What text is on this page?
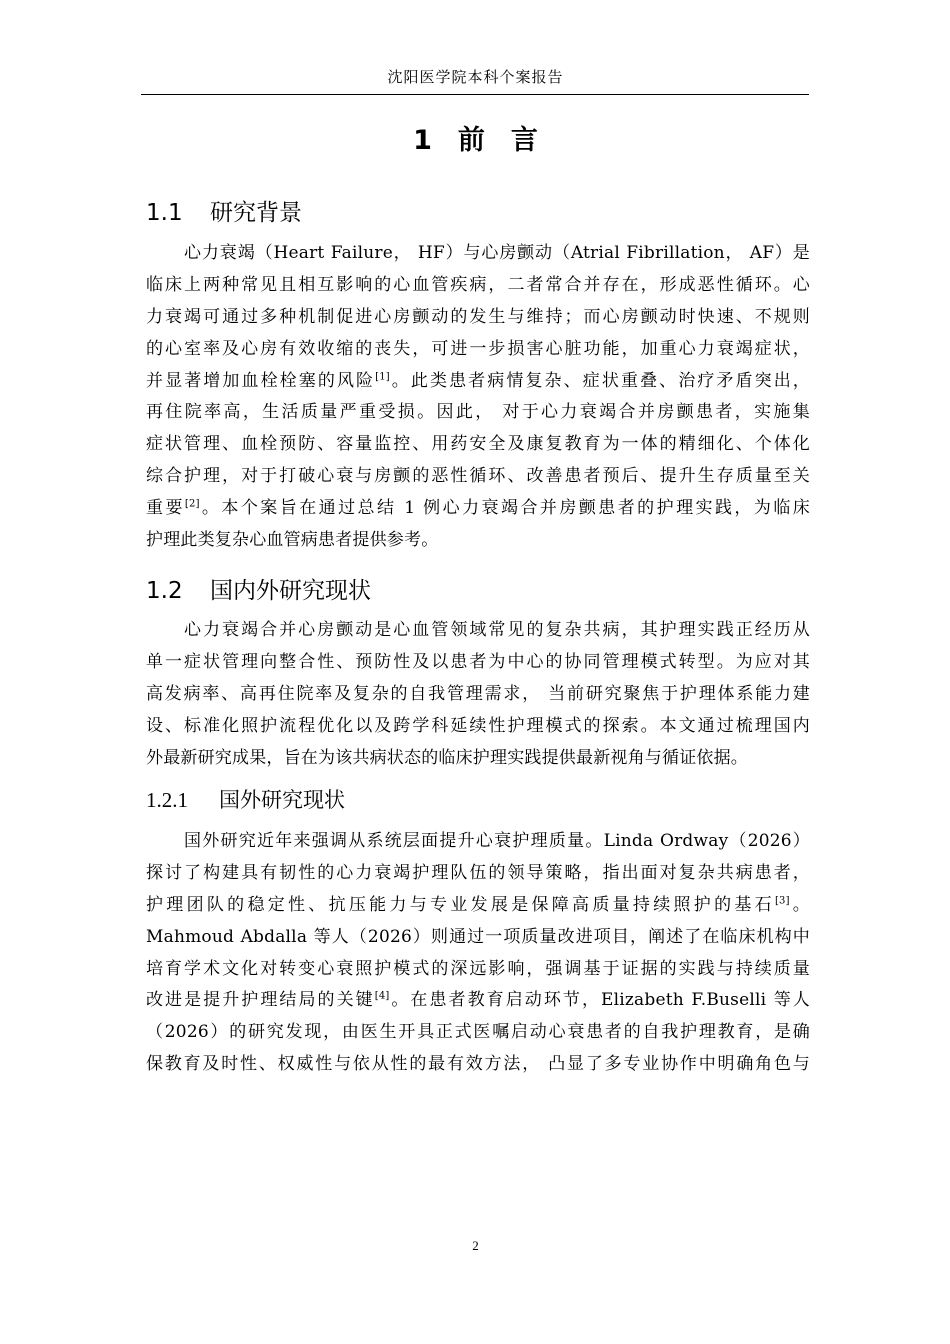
沈阳医学院本科个案报告
1 前 言
1.1 研究背景
心力衰竭（Heart Failure， HF）与心房颤动（Atrial Fibrillation， AF）是
临床上两种常见且相互影响的心血管疾病，二者常合并存在，形成恶性循环。心
力衰竭可通过多种机制促进心房颤动的发生与维持；而心房颤动时快速、不规则
的心室率及心房有效收缩的丧失，可进一步损害心脏功能，加重心力衰竭症状，
并显著增加血栓栓塞的风险[1]。此类患者病情复杂、症状重叠、治疗矛盾突出，
再住院率高，生活质量严重受损。因此， 对于心力衰竭合并房颤患者，实施集
症状管理、血栓预防、容量监控、用药安全及康复教育为一体的精细化、个体化
综合护理，对于打破心衰与房颤的恶性循环、改善患者预后、提升生存质量至关
重要[2]。本个案旨在通过总结 1 例心力衰竭合并房颤患者的护理实践，为临床
护理此类复杂心血管病患者提供参考。
1.2 国内外研究现状
心力衰竭合并心房颤动是心血管领域常见的复杂共病，其护理实践正经历从
单一症状管理向整合性、预防性及以患者为中心的协同管理模式转型。为应对其
高发病率、高再住院率及复杂的自我管理需求， 当前研究聚焦于护理体系能力建
设、标准化照护流程优化以及跨学科延续性护理模式的探索。本文通过梳理国内
外最新研究成果，旨在为该共病状态的临床护理实践提供最新视角与循证依据。
1.2.1 国外研究现状
国外研究近年来强调从系统层面提升心衰护理质量。Linda Ordway（2026）
探讨了构建具有韧性的心力衰竭护理队伍的领导策略，指出面对复杂共病患者，
护理团队的稳定性、抗压能力与专业发展是保障高质量持续照护的基石[3]。
Mahmoud Abdalla 等人（2026）则通过一项质量改进项目，阐述了在临床机构中
培育学术文化对转变心衰照护模式的深远影响，强调基于证据的实践与持续质量
改进是提升护理结局的关键[4]。在患者教育启动环节，Elizabeth F.Buselli 等人
（2026）的研究发现，由医生开具正式医嘱启动心衰患者的自我护理教育，是确
保教育及时性、权威性与依从性的最有效方法， 凸显了多专业协作中明确角色与
2
